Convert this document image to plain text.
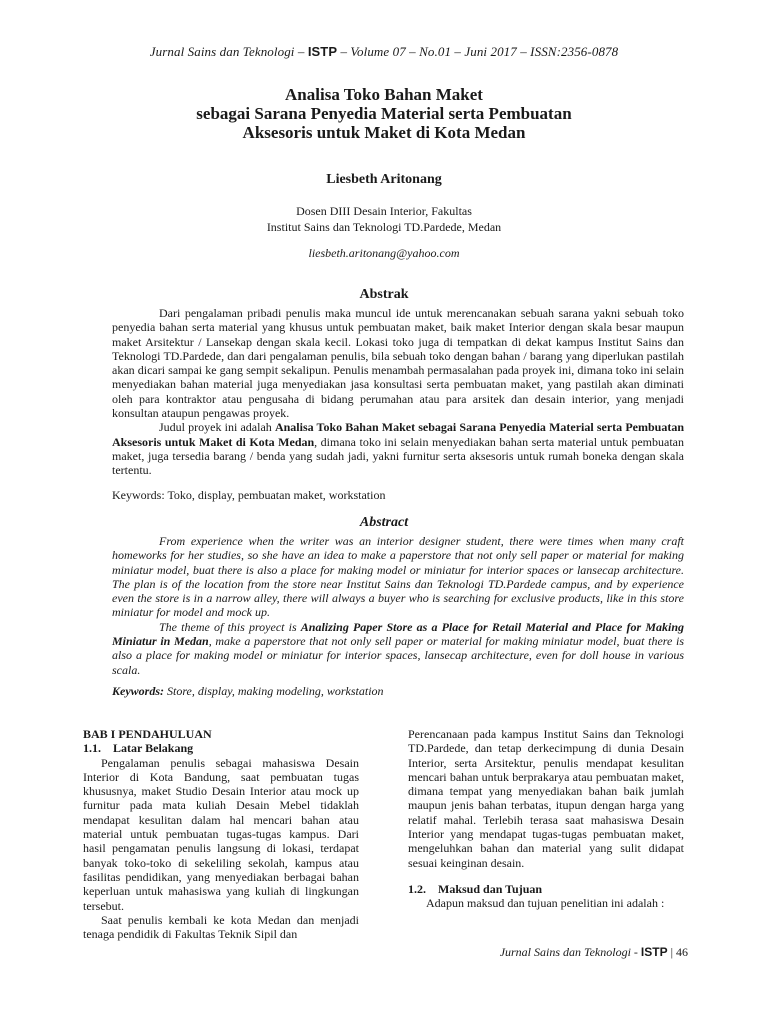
Jurnal Sains dan Teknologi – ISTP – Volume 07 – No.01 – Juni 2017 – ISSN:2356-0878
Analisa Toko Bahan Maket
sebagai Sarana Penyedia Material serta Pembuatan
Aksesoris untuk Maket di Kota Medan
Liesbeth Aritonang
Dosen DIII Desain Interior, Fakultas
Institut Sains dan Teknologi TD.Pardede, Medan
liesbeth.aritonang@yahoo.com
Abstrak

Dari pengalaman pribadi penulis maka muncul ide untuk merencanakan sebuah sarana yakni sebuah toko penyedia bahan serta material yang khusus untuk pembuatan maket, baik maket Interior dengan skala besar maupun maket Arsitektur / Lansekap dengan skala kecil. Lokasi toko juga di tempatkan di dekat kampus Institut Sains dan Teknologi TD.Pardede, dan dari pengalaman penulis, bila sebuah toko dengan bahan / barang yang diperlukan pastilah akan dicari sampai ke gang sempit sekalipun. Penulis menambah permasalahan pada proyek ini, dimana toko ini selain menyediakan bahan material juga menyediakan jasa konsultasi serta pembuatan maket, yang pastilah akan diminati oleh para kontraktor atau pengusaha di bidang perumahan atau para arsitek dan desain interior, yang menjadi konsultan ataupun pengawas proyek.

Judul proyek ini adalah Analisa Toko Bahan Maket sebagai Sarana Penyedia Material serta Pembuatan Aksesoris untuk Maket di Kota Medan, dimana toko ini selain menyediakan bahan serta material untuk pembuatan maket, juga tersedia barang / benda yang sudah jadi, yakni furnitur serta aksesoris untuk rumah boneka dengan skala tertentu.

Keywords: Toko, display, pembuatan maket, workstation
Abstract

From experience when the writer was an interior designer student, there were times when many craft homeworks for her studies, so she have an idea to make a paperstore that not only sell paper or material for making miniatur model, buat there is also a place for making model or miniatur for interior spaces or lansecap architecture. The plan is of the location from the store near Institut Sains dan Teknologi TD.Pardede campus, and by experience even the store is in a narrow alley, there will always a buyer who is searching for exclusive products, like in this store miniatur for model and mock up.

The theme of this proyect is Analizing Paper Store as a Place for Retail Material and Place for Making Miniatur in Medan, make a paperstore that not only sell paper or material for making miniatur model, buat there is also a place for making model or miniatur for interior spaces, lansecap architecture, even for doll house in various scala.

Keywords: Store, display, making modeling, workstation

BAB I PENDAHULUAN

1.1. Latar Belakang

Pengalaman penulis sebagai mahasiswa Desain Interior di Kota Bandung, saat pembuatan tugas khususnya, maket Studio Desain Interior atau mock up furnitur pada mata kuliah Desain Mebel tidaklah mendapat kesulitan dalam hal mencari bahan atau material untuk pembuatan tugas-tugas kampus. Dari hasil pengamatan penulis langsung di lokasi, terdapat banyak toko-toko di sekeliling sekolah, kampus atau fasilitas pendidikan, yang menyediakan berbagai bahan keperluan untuk mahasiswa yang kuliah di lingkungan tersebut.

Saat penulis kembali ke kota Medan dan menjadi tenaga pendidik di Fakultas Teknik Sipil dan

Perencanaan pada kampus Institut Sains dan Teknologi TD.Pardede, dan tetap derkecimpung di dunia Desain Interior, serta Arsitektur, penulis mendapat kesulitan mencari bahan untuk berprakarya atau pembuatan maket, dimana tempat yang menyediakan bahan baik jumlah maupun jenis bahan terbatas, itupun dengan harga yang relatif mahal. Terlebih terasa saat mahasiswa Desain Interior yang mendapat tugas-tugas pembuatan maket, mengeluhkan bahan dan material yang sulit didapat sesuai keinginan desain.

1.2. Maksud dan Tujuan

Adapun maksud dan tujuan penelitian ini adalah :

Jurnal Sains dan Teknologi - ISTP | 46
